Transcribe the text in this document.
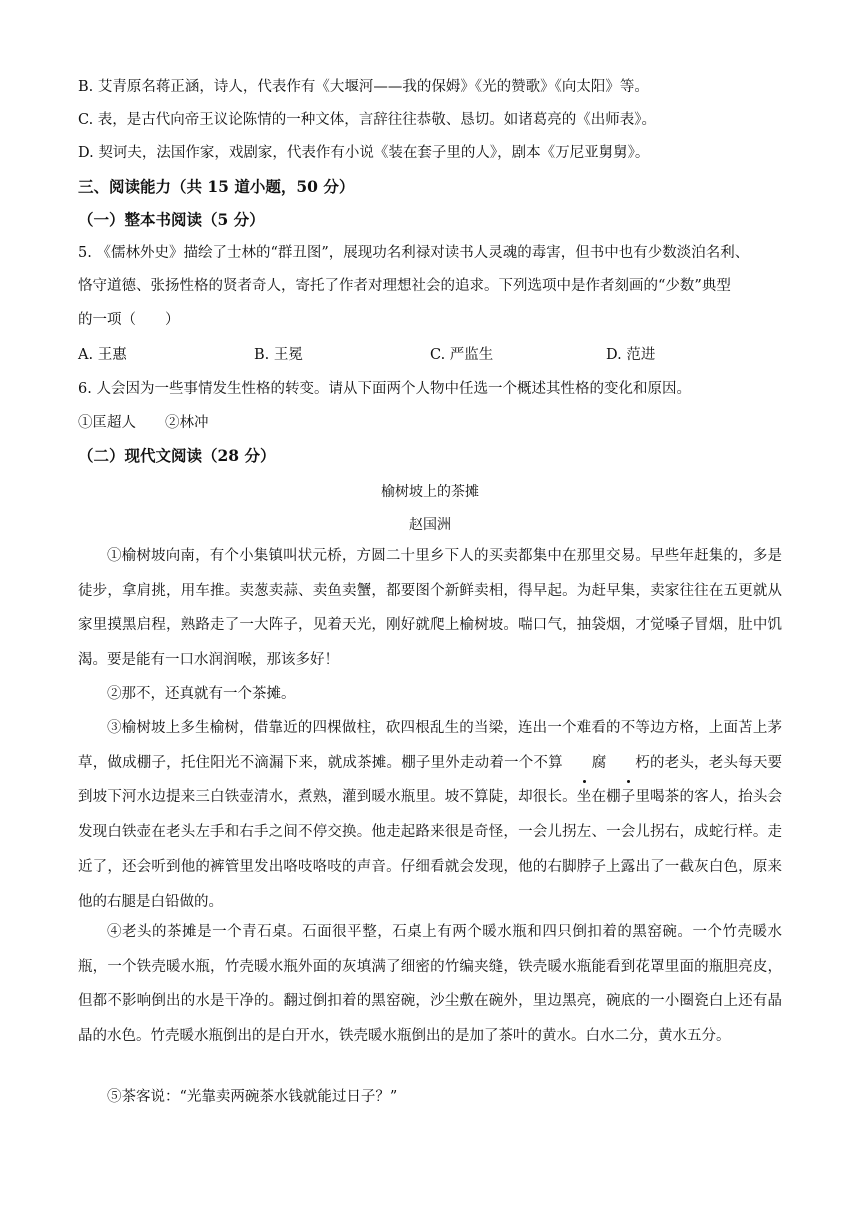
B. 艾青原名蒋正涵，诗人，代表作有《大堰河——我的保姆》《光的赞歌》《向太阳》等。
C. 表，是古代向帝王议论陈情的一种文体，言辞往往恭敬、恳切。如诸葛亮的《出师表》。
D. 契诃夫，法国作家，戏剧家，代表作有小说《装在套子里的人》，剧本《万尼亚舅舅》。
三、阅读能力（共 15 道小题，50 分）
（一）整本书阅读（5 分）
5. 《儒林外史》描绘了士林的“群丑图”，展现功名利禄对读书人灵魂的毒害，但书中也有少数淡泊名利、
恪守道德、张扬性格的贤者奇人，寄托了作者对理想社会的追求。下列选项中是作者刻画的“少数”典型
的一项（　　）
A. 王惠	B. 王冕	C. 严监生	D. 范进
6. 人会因为一些事情发生性格的转变。请从下面两个人物中任选一个概述其性格的变化和原因。
①匡超人　　②林冲
（二）现代文阅读（28 分）
榆树坡上的茶摊
赵国洲
①榆树坡向南，有个小集镇叫状元桥，方圆二十里乡下人的买卖都集中在那里交易。早些年赶集的，多是徒步，拿肩挑，用车推。卖葱卖蒜、卖鱼卖蟹，都要图个新鲜卖相，得早起。为赶早集，卖家往往在五更就从家里摸黑启程，熟路走了一大阵子，见着天光，刚好就爬上榆树坡。喘口气，抽袋烟，才觉嗓子冒烟，肚中饥渴。要是能有一口水润润喉，那该多好！
②那不，还真就有一个茶摊。
③榆树坡上多生榆树，借靠近的四棵做柱，砍四根乱生的当梁，连出一个难看的不等边方格，上面苫上茅草，做成棚子，托住阳光不滴漏下来，就成茶摊。棚子里外走动着一个不算 腐 朽的老头，老头每天要到坡下河水边提来三白铁壶清水，煮熟，灌到暖水瓶里。坡不算陡，却很长。坐在棚子里喝茶的客人，抬头会发现白铁壶在老头左手和右手之间不停交换。他走起路来很是奇怪，一会儿拐左、一会儿拐右，成蛇行样。走近了，还会听到他的裤管里发出咯吱咯吱的声音。仔细看就会发现，他的右脚脖子上露出了一截灰白色，原来他的右腿是白铅做的。
④老头的茶摊是一个青石桌。石面很平整，石桌上有两个暖水瓶和四只倒扣着的黑窑碗。一个竹壳暖水瓶，一个铁壳暖水瓶，竹壳暖水瓶外面的灰填满了细密的竹编夹缝，铁壳暖水瓶能看到花罩里面的瓶胆亮皮，但都不影响倒出的水是干净的。翻过倒扣着的黑窑碗，沙尘敷在碗外，里边黑亮，碗底的一小圈瓷白上还有晶晶的水色。竹壳暖水瓶倒出的是白开水，铁壳暖水瓶倒出的是加了茶叶的黄水。白水二分，黄水五分。
⑤茶客说：“光靠卖两碗茶水钱就能过日子？”
